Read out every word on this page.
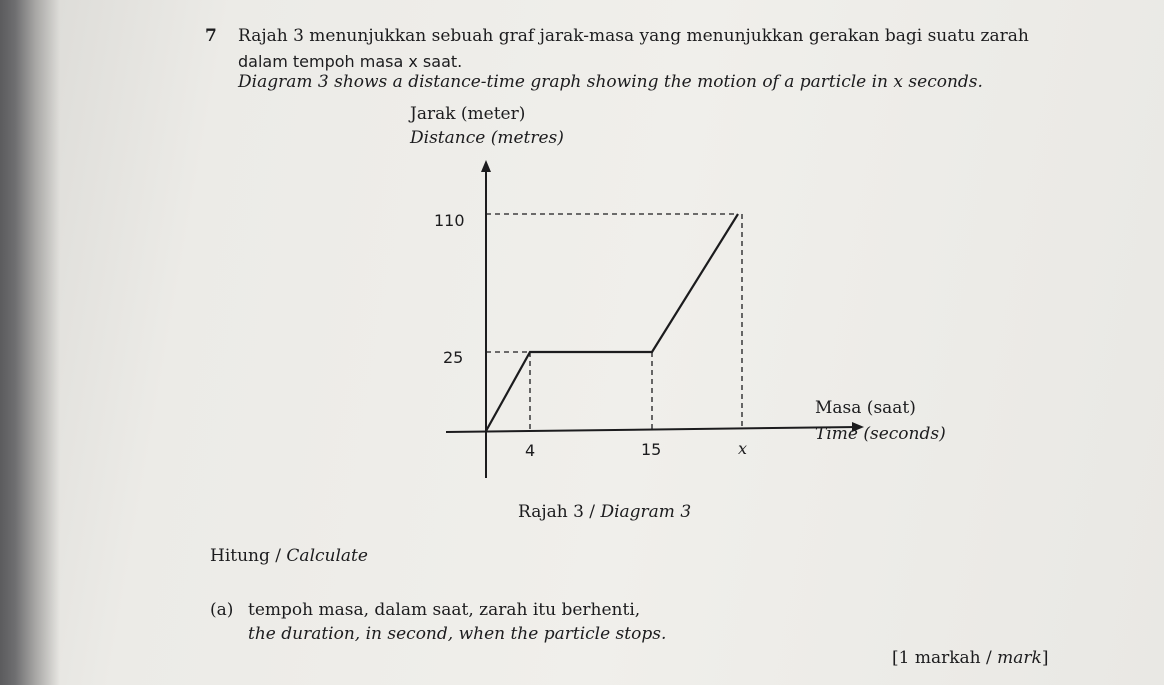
7 Rajah 3 menunjukkan sebuah graf jarak-masa yang menunjukkan gerakan bagi suatu zarah
dalam tempoh masa x saat.
Diagram 3 shows a distance-time graph showing the motion of a particle in x seconds.
Jarak (meter)
Distance (metres)
110
25
4	15	x
Masa (saat)
Time (seconds)
Rajah 3 / Diagram 3
Hitung / Calculate
(a) tempoh masa, dalam saat, zarah itu berhenti,
the duration, in second, when the particle stops.
[1 markah / mark]
